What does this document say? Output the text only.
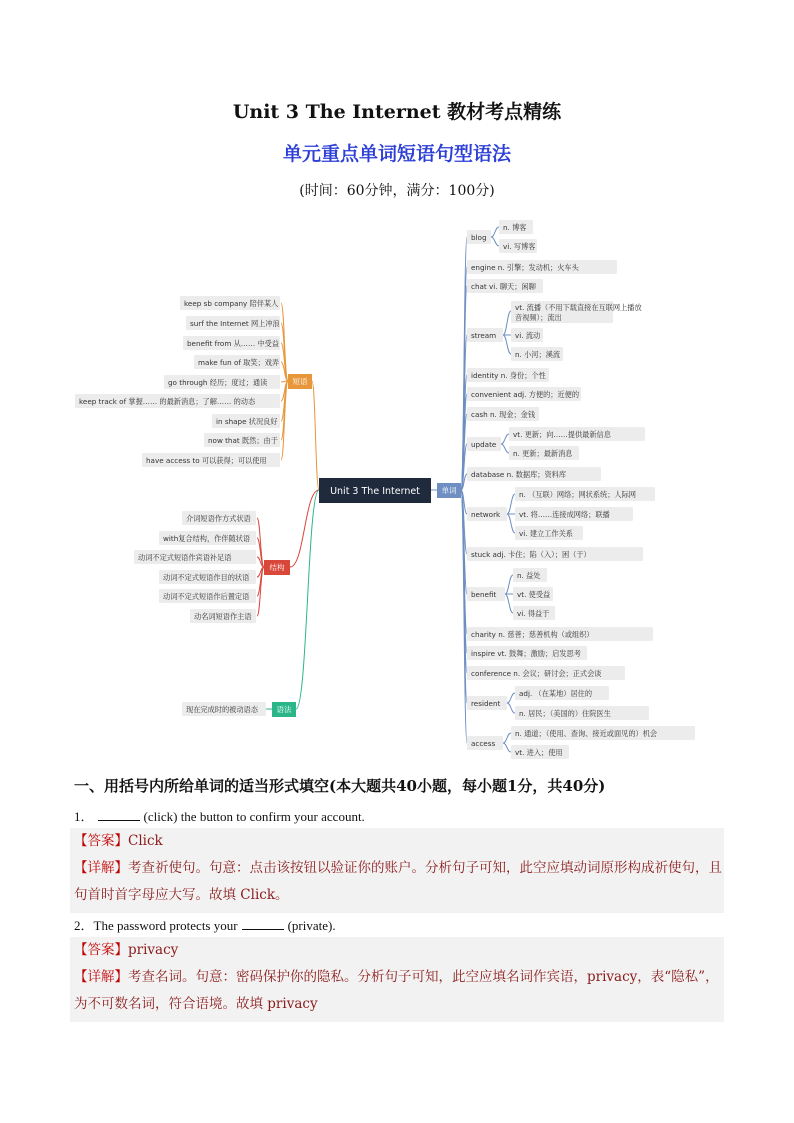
Unit 3 The Internet 教材考点精练
单元重点单词短语句型语法
(时间：60分钟，满分：100分)
Unit 3 The Internet	单词
短语
结构
语法
keep sb company 陪伴某人
surf the Internet 网上冲浪
benefit from 从…… 中受益
make fun of 取笑；戏弄
go through 经历；度过；通读
keep track of 掌握…… 的最新消息；了解…… 的动态
in shape 状况良好
now that 既然；由于
have access to 可以获得；可以使用
介词短语作方式状语
with复合结构，作伴随状语
动词不定式短语作宾语补足语
动词不定式短语作目的状语
动词不定式短语作后置定语
动名词短语作主语
现在完成时的被动语态
blog
n. 博客
vi. 写博客
engine n. 引擎；发动机；火车头
chat vi. 聊天；闲聊
stream
vt. 流播（不用下载直接在互联网上播放
音视频）；流出
vi. 流动
n. 小河；溪流
identity n. 身份；个性
convenient adj. 方便的；近便的
cash n. 现金；金钱
update
vt. 更新；向……提供最新信息
n. 更新；最新消息
database n. 数据库；资料库
network
n. （互联）网络；网状系统；人际网
vt. 将……连接成网络；联播
vi. 建立工作关系
stuck adj. 卡住；陷（入）；困（于）
benefit
n. 益处
vt. 使受益
vi. 得益于
charity n. 慈善；慈善机构（或组织）
inspire vt. 鼓舞；激励；启发思考
conference n. 会议；研讨会；正式会谈
resident
adj. （在某地）居住的
n. 居民；（美国的）住院医生
access
n. 通道；（使用、查询、接近或面见的）机会
vt. 进入；使用
一、用括号内所给单词的适当形式填空(本大题共40小题，每小题1分，共40分)
1．	(click) the button to confirm your account.
【答案】Click
【详解】考查祈使句。句意：点击该按钮以验证你的账户。分析句子可知，此空应填动词原形构成祈使句，且句首时首字母应大写。故填 Click。
2．The password protects your	(private).
【答案】privacy
【详解】考查名词。句意：密码保护你的隐私。分析句子可知，此空应填名词作宾语，privacy，表“隐私”，为不可数名词，符合语境。故填 privacy
